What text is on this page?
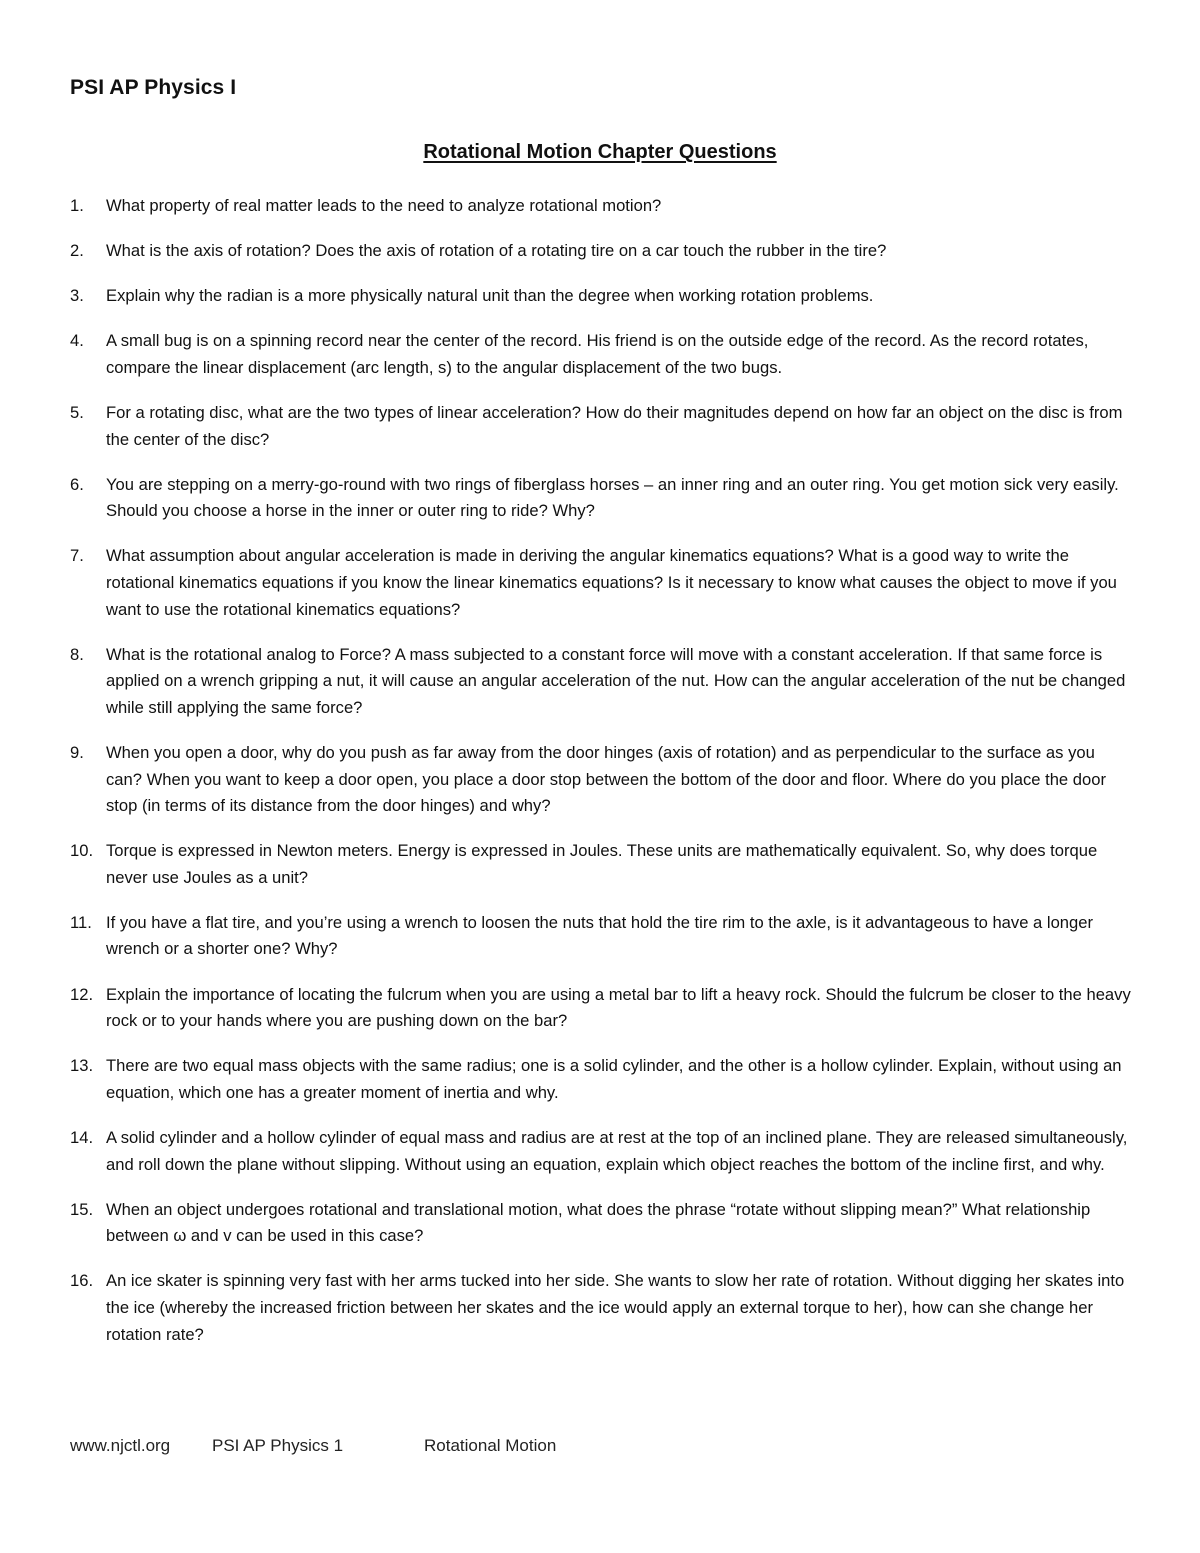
PSI AP Physics I
Rotational Motion Chapter Questions
1.	What property of real matter leads to the need to analyze rotational motion?
2.	What is the axis of rotation? Does the axis of rotation of a rotating tire on a car touch the rubber in the tire?
3.	Explain why the radian is a more physically natural unit than the degree when working rotation problems.
4.	A small bug is on a spinning record near the center of the record. His friend is on the outside edge of the record. As the record rotates, compare the linear displacement (arc length, s) to the angular displacement of the two bugs.
5.	For a rotating disc, what are the two types of linear acceleration? How do their magnitudes depend on how far an object on the disc is from the center of the disc?
6.	You are stepping on a merry-go-round with two rings of fiberglass horses – an inner ring and an outer ring. You get motion sick very easily. Should you choose a horse in the inner or outer ring to ride? Why?
7.	What assumption about angular acceleration is made in deriving the angular kinematics equations? What is a good way to write the rotational kinematics equations if you know the linear kinematics equations? Is it necessary to know what causes the object to move if you want to use the rotational kinematics equations?
8.	What is the rotational analog to Force? A mass subjected to a constant force will move with a constant acceleration. If that same force is applied on a wrench gripping a nut, it will cause an angular acceleration of the nut. How can the angular acceleration of the nut be changed while still applying the same force?
9.	When you open a door, why do you push as far away from the door hinges (axis of rotation) and as perpendicular to the surface as you can? When you want to keep a door open, you place a door stop between the bottom of the door and floor. Where do you place the door stop (in terms of its distance from the door hinges) and why?
10. Torque is expressed in Newton meters. Energy is expressed in Joules. These units are mathematically equivalent. So, why does torque never use Joules as a unit?
11. If you have a flat tire, and you’re using a wrench to loosen the nuts that hold the tire rim to the axle, is it advantageous to have a longer wrench or a shorter one? Why?
12. Explain the importance of locating the fulcrum when you are using a metal bar to lift a heavy rock. Should the fulcrum be closer to the heavy rock or to your hands where you are pushing down on the bar?
13. There are two equal mass objects with the same radius; one is a solid cylinder, and the other is a hollow cylinder. Explain, without using an equation, which one has a greater moment of inertia and why.
14. A solid cylinder and a hollow cylinder of equal mass and radius are at rest at the top of an inclined plane. They are released simultaneously, and roll down the plane without slipping. Without using an equation, explain which object reaches the bottom of the incline first, and why.
15. When an object undergoes rotational and translational motion, what does the phrase “rotate without slipping mean?” What relationship between ω and v can be used in this case?
16. An ice skater is spinning very fast with her arms tucked into her side. She wants to slow her rate of rotation. Without digging her skates into the ice (whereby the increased friction between her skates and the ice would apply an external torque to her), how can she change her rotation rate?
www.njctl.org PSI AP Physics 1	Rotational Motion
